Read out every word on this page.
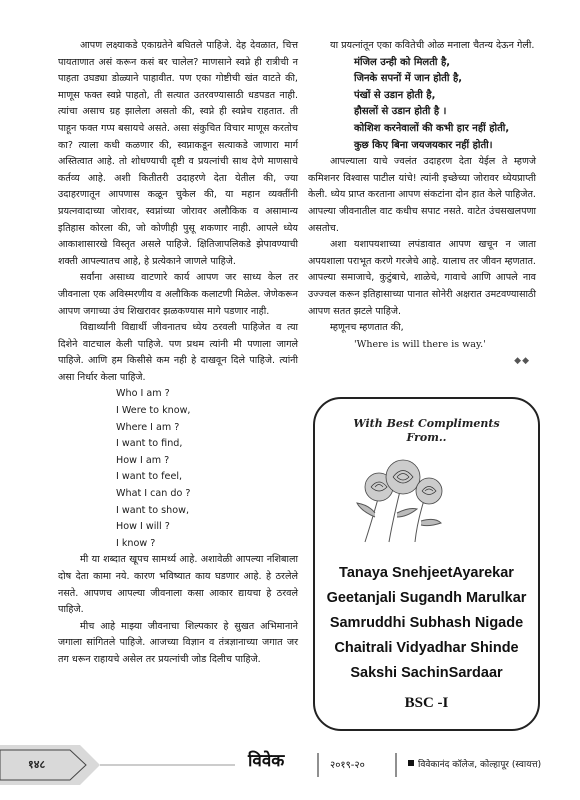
आपण लक्ष्याकडे एकाग्रतेने बघितले पाहिजे. देह देवळात, चित्त पायताणात असं करून कसं बर चालेल? माणसाने स्वप्ने ही रात्रीची न पाहता उघड्या डोळ्याने पाहावीत. पण एका गोष्टीची खंत वाटते की, माणूस फक्त स्वप्ने पाहतो, ती सत्यात उतरवण्यासाठी धडपडत नाही. त्यांचा असाच ग्रह झालेला असतो की, स्वप्ने ही स्वप्नेच राहतात. ती पाहून फक्त गप्प बसायचे असते. असा संकुचित विचार माणूस करतोच का? त्याला कधी कळणार की, स्वप्नाकडून सत्याकडे जाणारा मार्ग अस्तित्वात आहे. तो शोधण्याची दृष्टी व प्रयत्नांची साथ देणे माणसाचे कर्तव्य आहे. अशी कितीतरी उदाहरणे देता येतील की, ज्या उदाहरणातून आपणास कळून चुकेल की, या महान व्यक्तींनी प्रयत्नवादाच्या जोरावर, स्वप्नांच्या जोरावर अलौकिक व असामान्य इतिहास कोरला की, जो कोणीही पुसू शकणार नाही. आपले ध्येय आकाशासारखे विस्तृत असले पाहिजे. क्षितिजापलिकडे झेपावण्याची शक्ती आपल्यातच आहे, हे प्रत्येकाने जाणले पाहिजे.

सर्वांना असाध्य वाटणारे कार्य आपण जर साध्य केल तर जीवनाला एक अविस्मरणीय व अलौकिक कलाटणी मिळेल. जेणेकरून आपण जगाच्या उंच शिखरावर झळकण्यास मागे पडणार नाही.

विद्यार्थ्यांनी विद्यार्थी जीवनातच ध्येय ठरवली पाहिजेत व त्या दिशेने वाटचाल केली पाहिजे. पण प्रथम त्यांनी मी पणाला जागले पाहिजे. आणि हम किसीसे कम नही हे दाखवून दिले पाहिजे. त्यांनी असा निर्धार केला पाहिजे.

Who I am ?
I Were to know,
Where I am ?
I want to find,
How I am ?
I want to feel,
What I can do ?
I want to show,
How I will ?
I know ?

मी या शब्दात खूपच सामर्थ्य आहे. अशावेळी आपल्या नशिबाला दोष देता कामा नये. कारण भविष्यात काय घडणार आहे. हे ठरलेले नसते. आपणच आपल्या जीवनाला कसा आकार द्यायचा हे ठरवले पाहिजे.

मीच आहे माझ्या जीवनाचा शिल्पकार हे सुखत अभिमानाने जगाला सांगितले पाहिजे. आजच्या विज्ञान व तंत्रज्ञानाच्या जगात जर तग धरून राहायचे असेल तर प्रयत्नांची जोड दिलीच पाहिजे.

या प्रयत्नांतून एका कवितेची ओळ मनाला चैतन्य देऊन गेली.

मंजिल उन्ही को मिलती है,
जिनके सपनों में जान होती है,
पंखों से उडान होती है,
हौसलों से उडान होती है ।
कोशिश करनेवालों की कभी हार नहीं होती,
कुछ किए बिना जयजयकार नहीं होती।

आपल्याला याचे ज्वलंत उदाहरण देता येईल ते म्हणजे कमिशनर विश्वास पाटील यांचे! त्यांनी इच्छेच्या जोरावर ध्येयप्राप्ती केली. ध्येय प्राप्त करताना आपण संकटांना दोन हात केले पाहिजेत. आपल्या जीवनातील वाट कधीच सपाट नसते. वाटेत उंचसखलपणा असतोच.

अशा यशापयशाच्या लपंडावात आपण खचून न जाता अपयशाला पराभूत करणे गरजेचे आहे. यालाच तर जीवन म्हणतात. आपल्या समाजाचे, कुटुंबाचे, शाळेचे, गावाचे आणि आपले नाव उज्ज्वल करून इतिहासाच्या पानात सोनेरी अक्षरात उमटवण्यासाठी आपण सतत झटले पाहिजे.

म्हणूनच म्हणतात की,

'Where is will there is way.'
◆◆
With Best Compliments
From..
Tanaya SnehjeetAyarekar
Geetanjali Sugandh Marulkar
Samruddhi Subhash Nigade
Chaitrali Vidyadhar Shinde
Sakshi SachinSardaar
BSC -I
१४८	विवेक	२०१९-२०	विवेकानंद कॉलेज, कोल्हापूर (स्वायत्त)
